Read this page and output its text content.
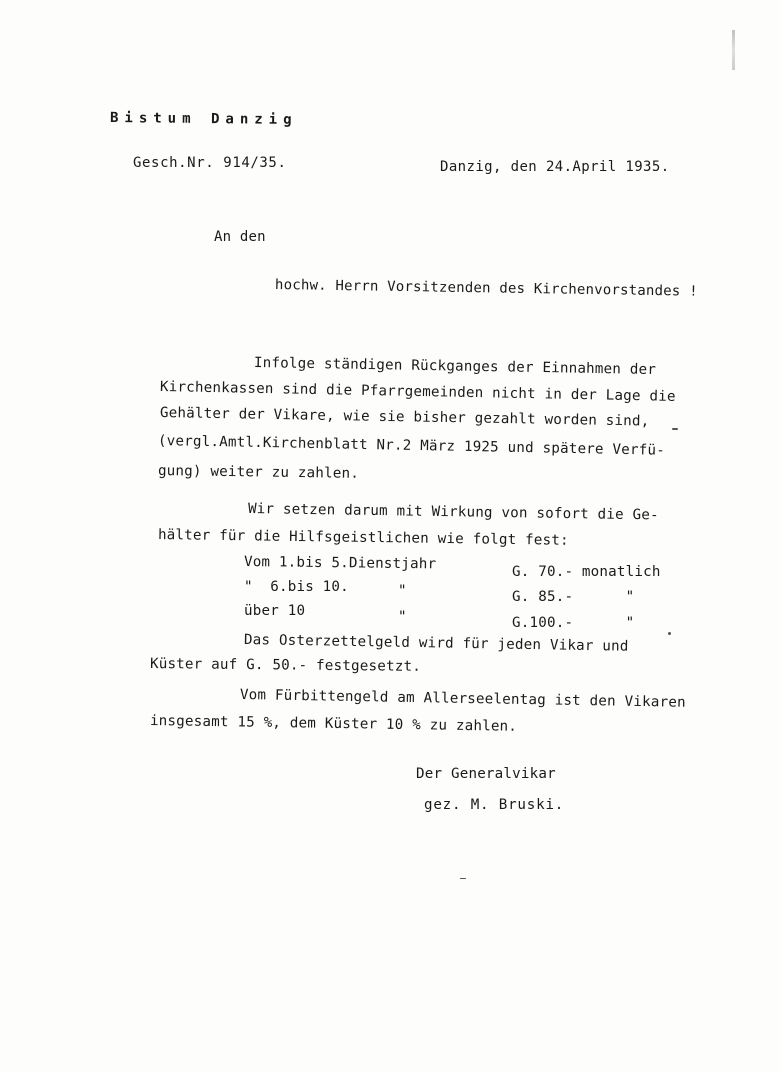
Bistum Danzig
Gesch.Nr. 914/35.	Danzig, den 24.April 1935.
An den
hochw. Herrn Vorsitzenden des Kirchenvorstandes !
Infolge ständigen Rückganges der Einnahmen der
Kirchenkassen sind die Pfarrgemeinden nicht in der Lage die
Gehälter der Vikare, wie sie bisher gezahlt worden sind,
(vergl.Amtl.Kirchenblatt Nr.2 März 1925 und spätere Verfü-
gung) weiter zu zahlen.
Wir setzen darum mit Wirkung von sofort die Ge-
hälter für die Hilfsgeistlichen wie folgt fest:
Vom 1.bis 5.Dienstjahr	G. 70.- monatlich
"  6.bis 10.	"	G. 85.-      "
über 10	"	G.100.-      "
Das Osterzettelgeld wird für jeden Vikar und
Küster auf G. 50.- festgesetzt.
Vom Fürbittengeld am Allerseelentag ist den Vikaren
insgesamt 15 %, dem Küster 10 % zu zahlen.
Der Generalvikar
gez. M. Bruski.
